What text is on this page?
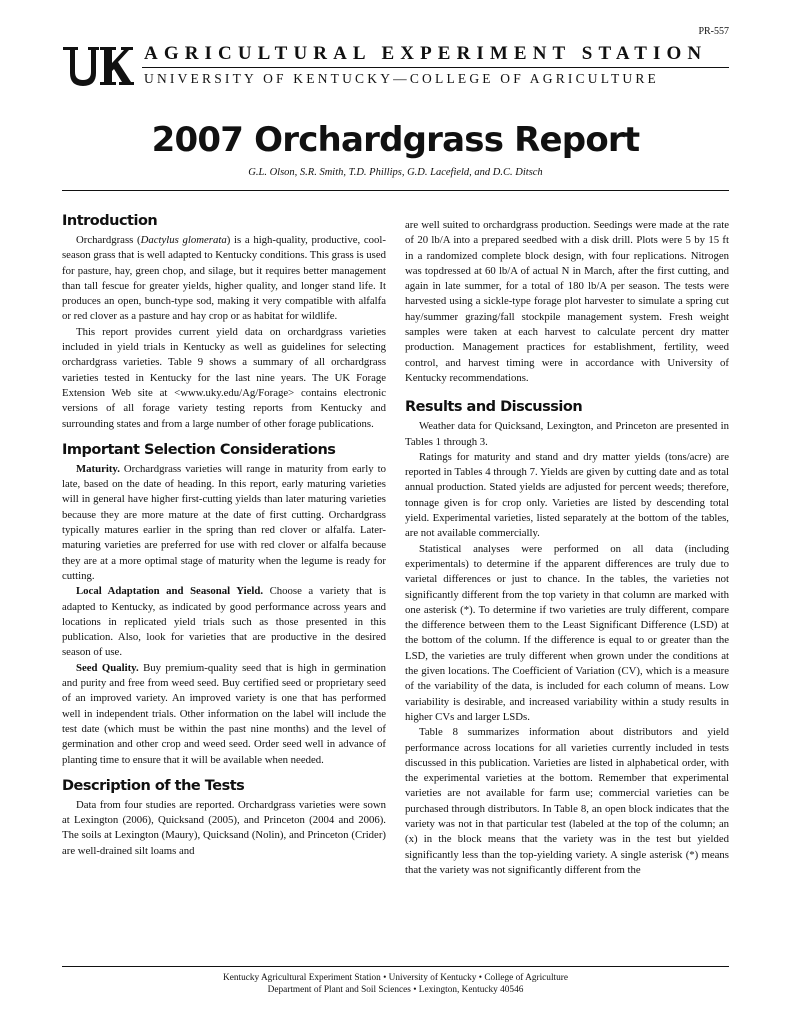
PR-557
AGRICULTURAL EXPERIMENT STATION
UNIVERSITY OF KENTUCKY—COLLEGE OF AGRICULTURE
2007 Orchardgrass Report

G.L. Olson, S.R. Smith, T.D. Phillips, G.D. Lacefield, and D.C. Ditsch

Introduction

Orchardgrass (Dactylus glomerata) is a high-quality, productive, cool-season grass that is well adapted to Kentucky conditions. This grass is used for pasture, hay, green chop, and silage, but it requires better management than tall fescue for greater yields, higher quality, and longer stand life. It produces an open, bunch-type sod, making it very compatible with alfalfa or red clover as a pasture and hay crop or as habitat for wildlife.

This report provides current yield data on orchardgrass varieties included in yield trials in Kentucky as well as guidelines for selecting orchardgrass varieties. Table 9 shows a summary of all orchardgrass varieties tested in Kentucky for the last nine years. The UK Forage Extension Web site at <www.uky.edu/Ag/Forage> contains electronic versions of all forage variety testing reports from Kentucky and surrounding states and from a large number of other forage publications.

Important Selection Considerations

Maturity. Orchardgrass varieties will range in maturity from early to late, based on the date of heading. In this report, early maturing varieties will in general have higher first-cutting yields than later maturing varieties because they are more mature at the date of first cutting. Orchardgrass typically matures earlier in the spring than red clover or alfalfa. Later-maturing varieties are preferred for use with red clover or alfalfa because they are at a more optimal stage of maturity when the legume is ready for cutting.

Local Adaptation and Seasonal Yield. Choose a variety that is adapted to Kentucky, as indicated by good performance across years and locations in replicated yield trials such as those presented in this publication. Also, look for varieties that are productive in the desired season of use.

Seed Quality. Buy premium-quality seed that is high in germination and purity and free from weed seed. Buy certified seed or proprietary seed of an improved variety. An improved variety is one that has performed well in independent trials. Other information on the label will include the test date (which must be within the past nine months) and the level of germination and other crop and weed seed. Order seed well in advance of planting time to ensure that it will be available when needed.

Description of the Tests

Data from four studies are reported. Orchardgrass varieties were sown at Lexington (2006), Quicksand (2005), and Princeton (2004 and 2006). The soils at Lexington (Maury), Quicksand (Nolin), and Princeton (Crider) are well-drained silt loams and

are well suited to orchardgrass production. Seedings were made at the rate of 20 lb/A into a prepared seedbed with a disk drill. Plots were 5 by 15 ft in a randomized complete block design, with four replications. Nitrogen was topdressed at 60 lb/A of actual N in March, after the first cutting, and again in late summer, for a total of 180 lb/A per season. The tests were harvested using a sickle-type forage plot harvester to simulate a spring cut hay/summer grazing/fall stockpile management system. Fresh weight samples were taken at each harvest to calculate percent dry matter production. Management practices for establishment, fertility, weed control, and harvest timing were in accordance with University of Kentucky recommendations.

Results and Discussion

Weather data for Quicksand, Lexington, and Princeton are presented in Tables 1 through 3.

Ratings for maturity and stand and dry matter yields (tons/acre) are reported in Tables 4 through 7. Yields are given by cutting date and as total annual production. Stated yields are adjusted for percent weeds; therefore, tonnage given is for crop only. Varieties are listed by descending total yield. Experimental varieties, listed separately at the bottom of the tables, are not available commercially.

Statistical analyses were performed on all data (including experimentals) to determine if the apparent differences are truly due to varietal differences or just to chance. In the tables, the varieties not significantly different from the top variety in that column are marked with one asterisk (*). To determine if two varieties are truly different, compare the difference between them to the Least Significant Difference (LSD) at the bottom of the column. If the difference is equal to or greater than the LSD, the varieties are truly different when grown under the conditions at the given locations. The Coefficient of Variation (CV), which is a measure of the variability of the data, is included for each column of means. Low variability is desirable, and increased variability within a study results in higher CVs and larger LSDs.

Table 8 summarizes information about distributors and yield performance across locations for all varieties currently included in tests discussed in this publication. Varieties are listed in alphabetical order, with the experimental varieties at the bottom. Remember that experimental varieties are not available for farm use; commercial varieties can be purchased through distributors. In Table 8, an open block indicates that the variety was not in that particular test (labeled at the top of the column; an (x) in the block means that the variety was in the test but yielded significantly less than the top-yielding variety. A single asterisk (*) means that the variety was not significantly different from the

Kentucky Agricultural Experiment Station • University of Kentucky • College of Agriculture
Department of Plant and Soil Sciences • Lexington, Kentucky 40546
